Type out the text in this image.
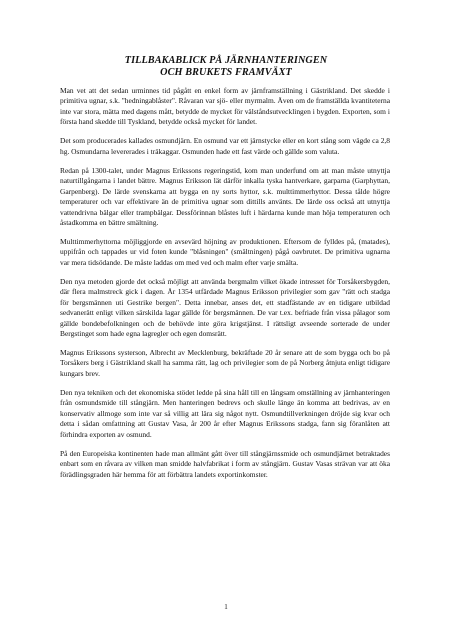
TILLBAKABLICK PÅ JÄRNHANTERINGEN
OCH BRUKETS FRAMVÄXT

Man vet att det sedan urminnes tid pågått en enkel form av järnframställning i Gästrikland. Det skedde i primitiva ugnar, s.k. "hedningablåster". Råvaran var sjö- eller myrmalm. Även om de framställda kvantiteterna inte var stora, mätta med dagens mått, betydde de mycket för välståndsutvecklingen i bygden. Exporten, som i första hand skedde till Tyskland, betydde också mycket för landet.

Det som producerades kallades osmundjärn. En osmund var ett järnstycke eller en kort stång som vägde ca 2,8 hg. Osmundarna levererades i träkaggar. Osmunden hade ett fast värde och gällde som valuta.

Redan på 1300-talet, under Magnus Erikssons regeringstid, kom man underfund om att man måste utnyttja naturtillgångarna i landet bättre. Magnus Eriksson lät därför inkalla tyska hantverkare, garparna (Garphyttan, Garpenberg). De lärde svenskarna att bygga en ny sorts hyttor, s.k. multtimmerhyttor. Dessa tålde högre temperaturer och var effektivare än de primitiva ugnar som dittills använts. De lärde oss också att utnyttja vattendrivna bälgar eller trampbälgar. Dessförinnan blåstes luft i härdarna kunde man höja temperaturen och åstadkomma en bättre smältning.

Multtimmerhyttorna möjliggjorde en avsevärd höjning av produktionen. Eftersom de fylldes på, (matades), uppifrån och tappades ur vid foten kunde "blåsningen" (smältningen) pågå oavbrutet. De primitiva ugnarna var mera tidsödande. De måste laddas om med ved och malm efter varje smälta.

Den nya metoden gjorde det också möjligt att använda bergmalm vilket ökade intresset för Torsåkersbygden, där flera malmstreck gick i dagen. År 1354 utfärdade Magnus Eriksson privilegier som gav "rätt och stadga för bergsmännen uti Gestrike bergen". Detta innebar, anses det, ett stadfästande av en tidigare utbildad sedvanerätt enligt vilken särskilda lagar gällde för bergsmännen. De var t.ex. befriade från vissa pålagor som gällde bondebefolkningen och de behövde inte göra krigstjänst. I rättsligt avseende sorterade de under Bergstinget som hade egna lagregler och egen domsrätt.

Magnus Erikssons systerson, Albrecht av Mecklenburg, bekräftade 20 år senare att de som bygga och bo på Torsåkers berg i Gästrikland skall ha samma rätt, lag och privilegier som de på Norberg åtnjuta enligt tidigare kungars brev.

Den nya tekniken och det ekonomiska stödet ledde på sina håll till en långsam omställning av järnhanteringen från osmundsmide till stångjärn. Men hanteringen bedrevs och skulle länge än komma att bedrivas, av en konservativ allmoge som inte var så villig att lära sig något nytt. Osmundtillverkningen dröjde sig kvar och detta i sådan omfattning att Gustav Vasa, år 200 år efter Magnus Erikssons stadga, fann sig föranlåten att förhindra exporten av osmund.

På den Europeiska kontinenten hade man allmänt gått över till stångjärnssmide och osmundjärnet betraktades enbart som en råvara av vilken man smidde halvfabrikat i form av stångjärn. Gustav Vasas strävan var att öka förädlingsgraden här hemma för att förbättra landets exportinkomster.

1
